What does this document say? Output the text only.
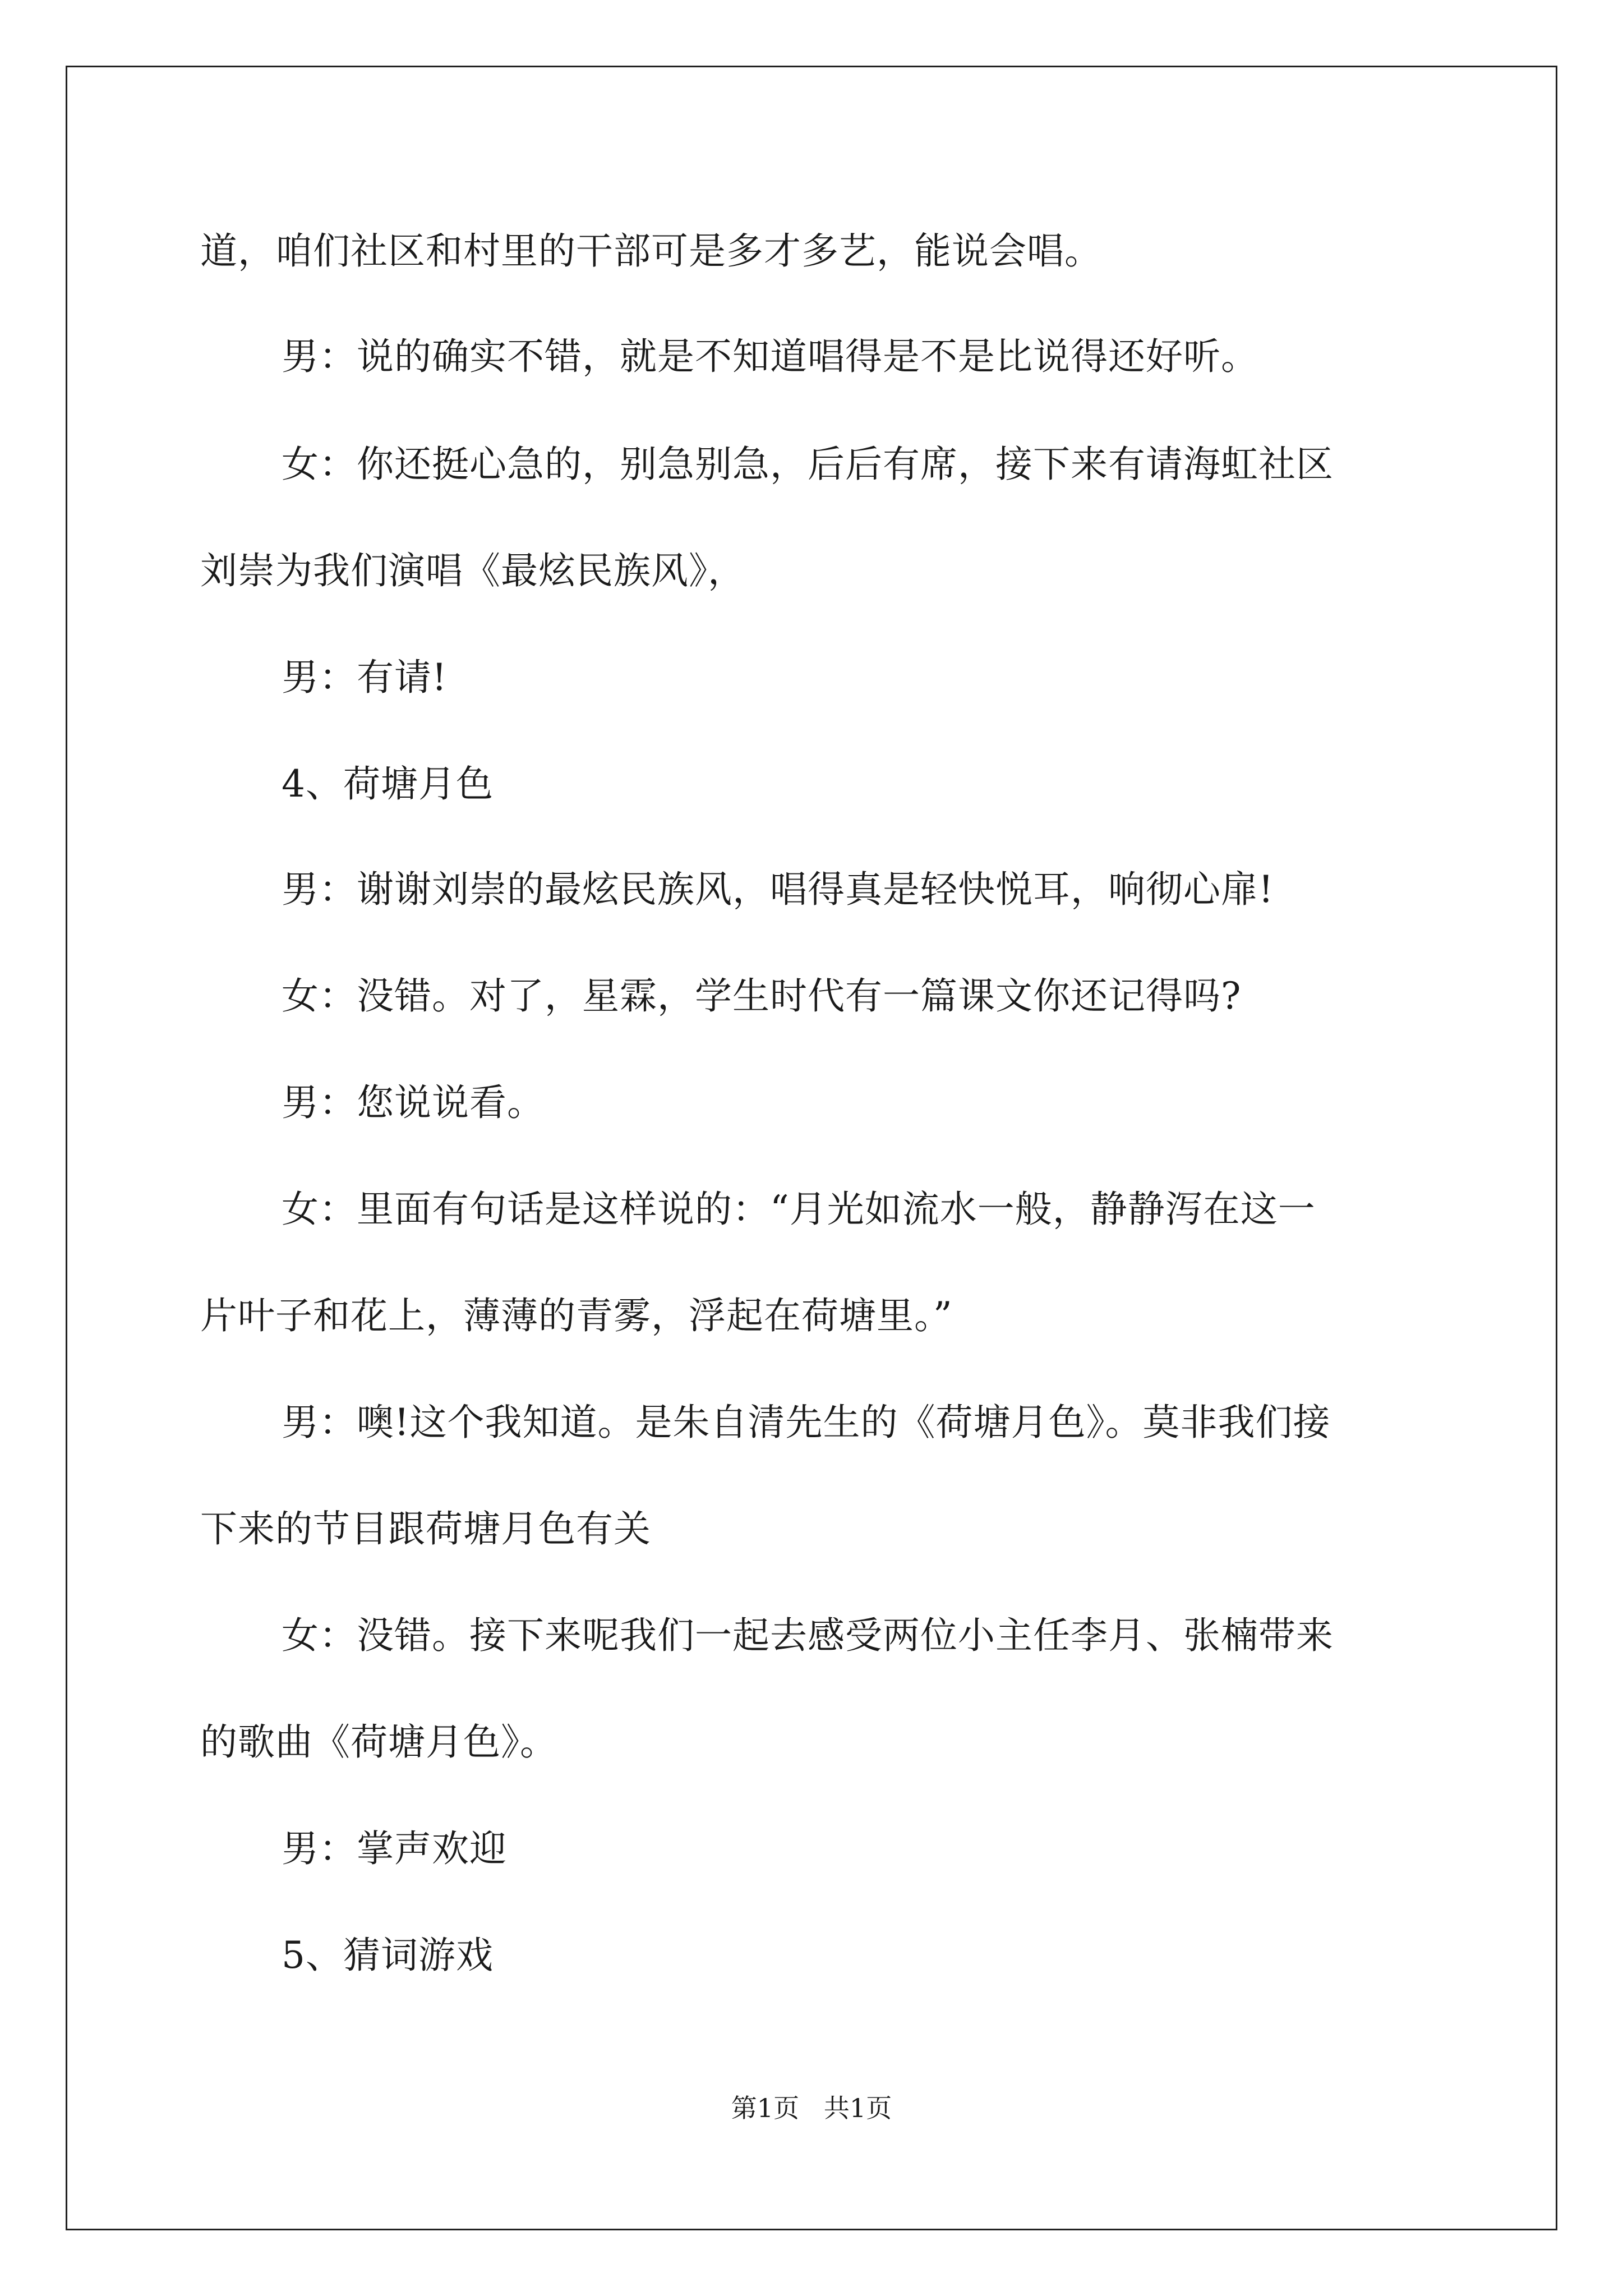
道，咱们社区和村里的干部可是多才多艺，能说会唱。
男：说的确实不错，就是不知道唱得是不是比说得还好听。
女：你还挺心急的，别急别急，后后有席，接下来有请海虹社区
刘崇为我们演唱《最炫民族风》，
男：有请!
4、荷塘月色
男：谢谢刘崇的最炫民族风，唱得真是轻快悦耳，响彻心扉!
女：没错。对了，星霖，学生时代有一篇课文你还记得吗?
男：您说说看。
女：里面有句话是这样说的：“月光如流水一般，静静泻在这一
片叶子和花上，薄薄的青雾，浮起在荷塘里。”
男：噢!这个我知道。是朱自清先生的《荷塘月色》。莫非我们接
下来的节目跟荷塘月色有关
女：没错。接下来呢我们一起去感受两位小主任李月、张楠带来
的歌曲《荷塘月色》。
男：掌声欢迎
5、猜词游戏
第1页   共1页
